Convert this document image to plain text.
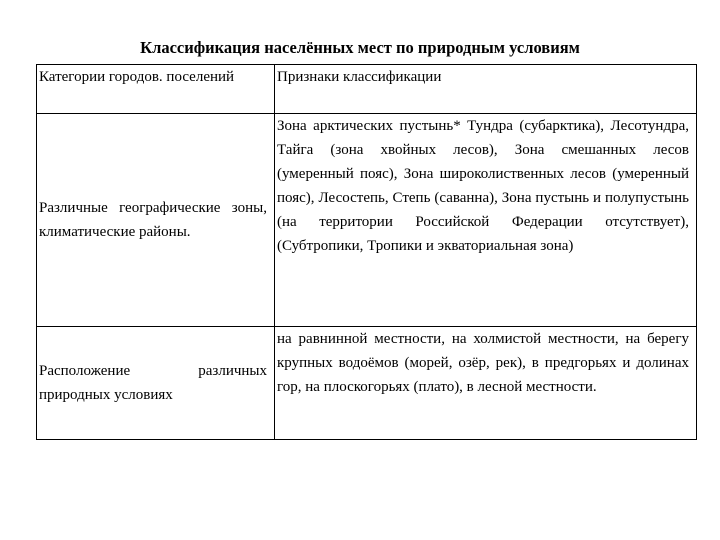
Классификация населённых мест по природным условиям
Категории городов. поселений	Признаки классификации
Различные географические зоны, климатические районы.	Зона арктических пустынь* Тундра (субарктика), Лесотундра, Тайга (зона хвойных лесов), Зона смешанных лесов (умеренный пояс), Зона широколиственных лесов (умеренный пояс), Лесостепь, Степь (саванна), Зона пустынь и полупустынь (на территории Российской Федерации отсутствует), (Субтропики, Тропики и экваториальная зона)
Расположение различных природных условиях	на равнинной местности, на холмистой местности, на берегу крупных водоёмов (морей, озёр, рек), в предгорьях и долинах гор, на плоскогорьях (плато), в лесной местности.
